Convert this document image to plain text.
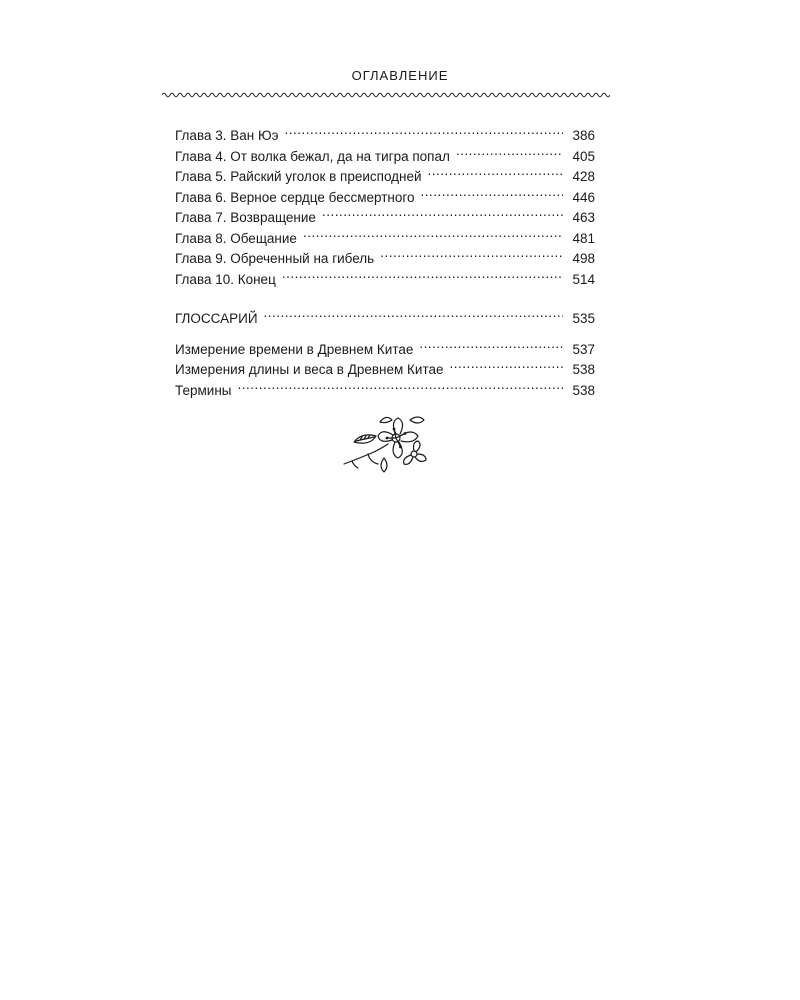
ОГЛАВЛЕНИЕ
Глава 3. Ван Юэ .....	386
Глава 4. От волка бежал, да на тигра попал .....	405
Глава 5. Райский уголок в преисподней .....	428
Глава 6. Верное сердце бессмертного .....	446
Глава 7. Возвращение .....	463
Глава 8. Обещание .....	481
Глава 9. Обреченный на гибель .....	498
Глава 10. Конец .....	514
ГЛОССАРИЙ .....	535
Измерение времени в Древнем Китае .....	537
Измерения длины и веса в Древнем Китае .....	538
Термины .....	538
